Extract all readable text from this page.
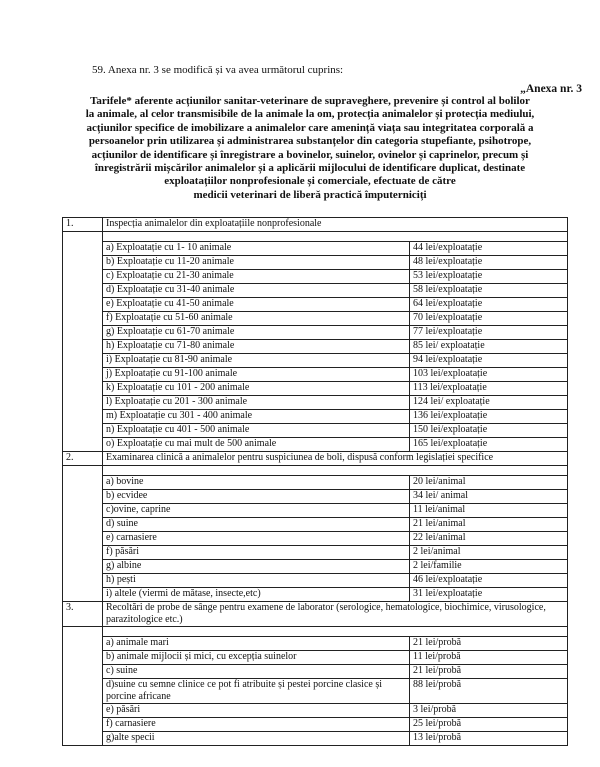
59. Anexa nr. 3 se modifică și va avea următorul cuprins:
„Anexa nr. 3
Tarifele* aferente acțiunilor sanitar-veterinare de supraveghere, prevenire și control al bolilor
la animale, al celor transmisibile de la animale la om, protecția animalelor și protecția mediului,
acțiunilor specifice de imobilizare a animalelor care amenință viața sau integritatea corporală a
persoanelor prin utilizarea și administrarea substanțelor din categoria stupefiante, psihotrope,
acțiunilor de identificare și înregistrare a bovinelor, suinelor, ovinelor și caprinelor, precum și
înregistrării mișcărilor animalelor și a aplicării mijlocului de identificare duplicat, destinate
exploatațiilor nonprofesionale și comerciale, efectuate de către
medicii veterinari de liberă practică împuterniciți
1.	Inspecția animalelor din exploatațiile nonprofesionale	

	a) Exploatație cu 1- 10 animale	44 lei/exploatație
	b) Exploatație cu 11-20 animale	48 lei/exploatație
	c) Exploatație cu 21-30 animale	53 lei/exploatație
	d) Exploatație cu 31-40 animale	58 lei/exploatație
	e) Exploatație cu 41-50 animale	64 lei/exploatație
	f) Exploatație cu 51-60 animale	70 lei/exploatație
	g) Exploatație cu 61-70 animale	77 lei/exploatație
	h) Exploatație cu 71-80 animale	85 lei/ exploatație
	i) Exploatație cu 81-90 animale	94 lei/exploatație
	j) Exploatație cu 91-100 animale	103 lei/exploatație
	k) Exploatație cu 101 - 200 animale	113 lei/exploatație
	l) Exploatație cu 201 - 300 animale	124 lei/ exploatație
	m) Exploatație cu 301 - 400 animale	136 lei/exploatație
	n) Exploatație cu 401 - 500 animale	150 lei/exploatație
	o) Exploatație cu mai mult de 500 animale	165 lei/exploatație
2.	Examinarea clinică a animalelor pentru suspiciunea de boli, dispusă conform legislației specifice	

	a) bovine	20 lei/animal
	b) ecvidee	34 lei/ animal
	c)ovine, caprine	11 lei/animal
	d) suine	21 lei/animal
	e) carnasiere	22 lei/animal
	f) păsări	2 lei/animal
	g) albine	2 lei/familie
	h) pești	46 lei/exploatație
	i) altele (viermi de mătase, insecte,etc)	31 lei/exploatație
3.	Recoltări de probe de sânge pentru examene de laborator (serologice, hematologice, biochimice, virusologice, parazitologice etc.)	

	a) animale mari	21 lei/probă
	b) animale mijlocii și mici, cu excepția suinelor	11 lei/probă
	c) suine	21 lei/probă
	d)suine cu semne clinice ce pot fi atribuite și pestei porcine clasice și porcine africane	88 lei/probă
	e) păsări	3 lei/probă
	f) carnasiere	25 lei/probă
	g)alte specii	13 lei/probă
